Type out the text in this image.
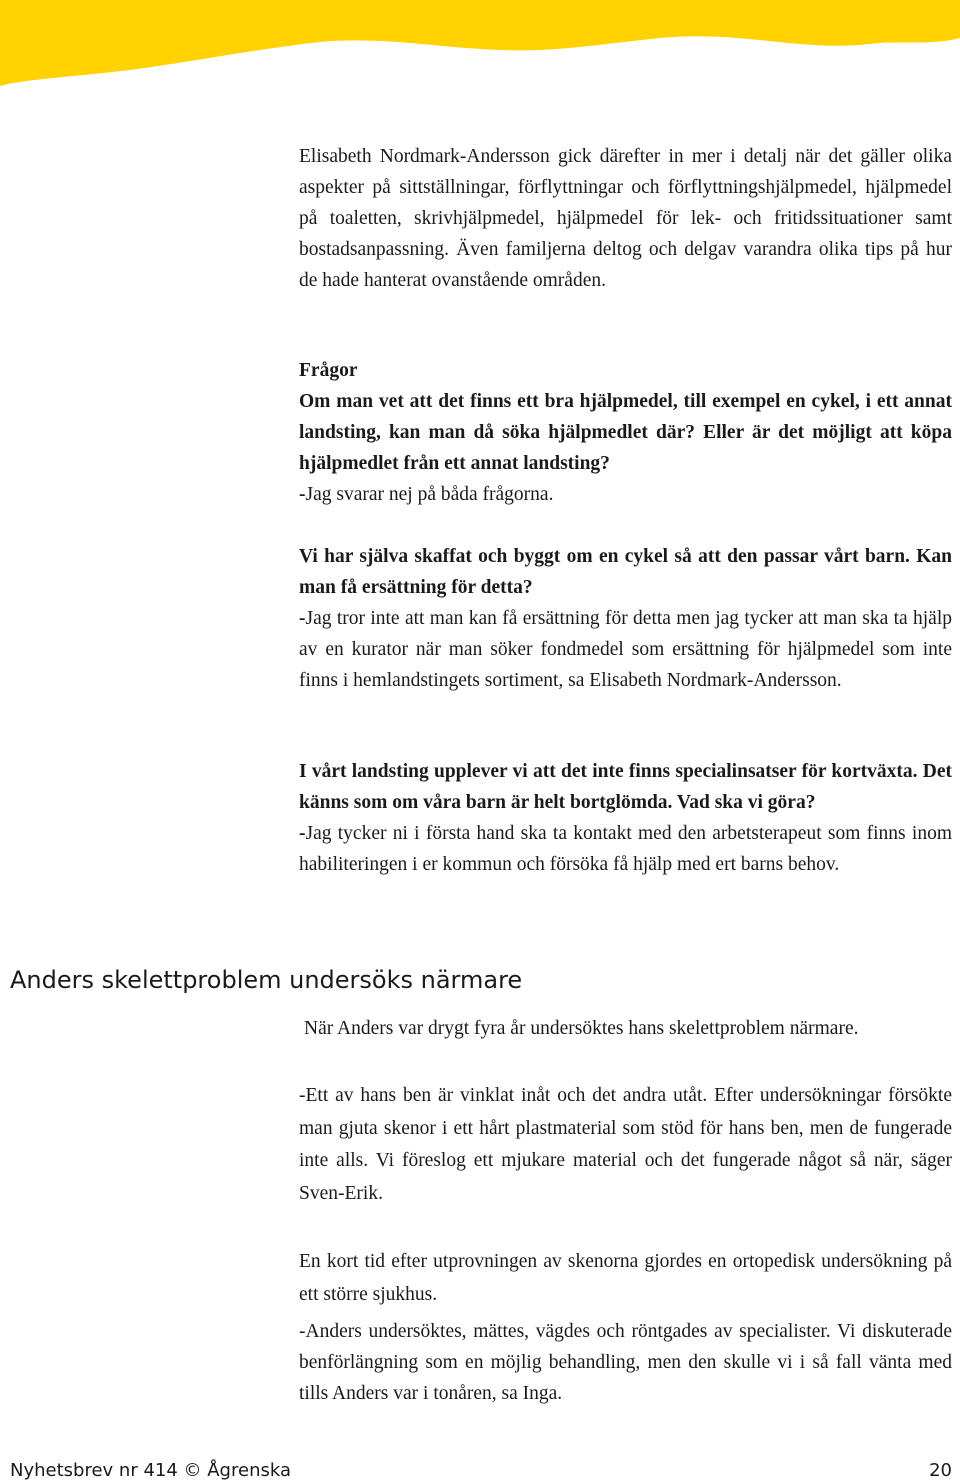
Elisabeth Nordmark-Andersson gick därefter in mer i detalj när det gäller olika aspekter på sittställningar, förflyttningar och förflyttningshjälpmedel, hjälpmedel på toaletten, skrivhjälpmedel, hjälpmedel för lek- och fritidssituationer samt bostadsanpassning. Även familjerna deltog och delgav varandra olika tips på hur de hade hanterat ovanstående områden.

Frågor

Om man vet att det finns ett bra hjälpmedel, till exempel en cykel, i ett annat landsting, kan man då söka hjälpmedlet där? Eller är det möjligt att köpa hjälpmedlet från ett annat landsting?

-Jag svarar nej på båda frågorna.

Vi har själva skaffat och byggt om en cykel så att den passar vårt barn. Kan man få ersättning för detta?

-Jag tror inte att man kan få ersättning för detta men jag tycker att man ska ta hjälp av en kurator när man söker fondmedel som ersättning för hjälpmedel som inte finns i hemlandstingets sortiment, sa Elisabeth Nordmark-Andersson.

I vårt landsting upplever vi att det inte finns specialinsatser för kortväxta. Det känns som om våra barn är helt bortglömda. Vad ska vi göra?

-Jag tycker ni i första hand ska ta kontakt med den arbetsterapeut som finns inom habiliteringen i er kommun och försöka få hjälp med ert barns behov.

Anders skelettproblem undersöks närmare

När Anders var drygt fyra år undersöktes hans skelettproblem närmare.

-Ett av hans ben är vinklat inåt och det andra utåt. Efter undersökningar försökte man gjuta skenor i ett hårt plastmaterial som stöd för hans ben, men de fungerade inte alls. Vi föreslog ett mjukare material och det fungerade något så när, säger Sven-Erik.

En kort tid efter utprovningen av skenorna gjordes en ortopedisk undersökning på ett större sjukhus.

-Anders undersöktes, mättes, vägdes och röntgades av specialister. Vi diskuterade benförlängning som en möjlig behandling, men den skulle vi i så fall vänta med tills Anders var i tonåren, sa Inga.

Nyhetsbrev nr 414 © Ågrenska	20
